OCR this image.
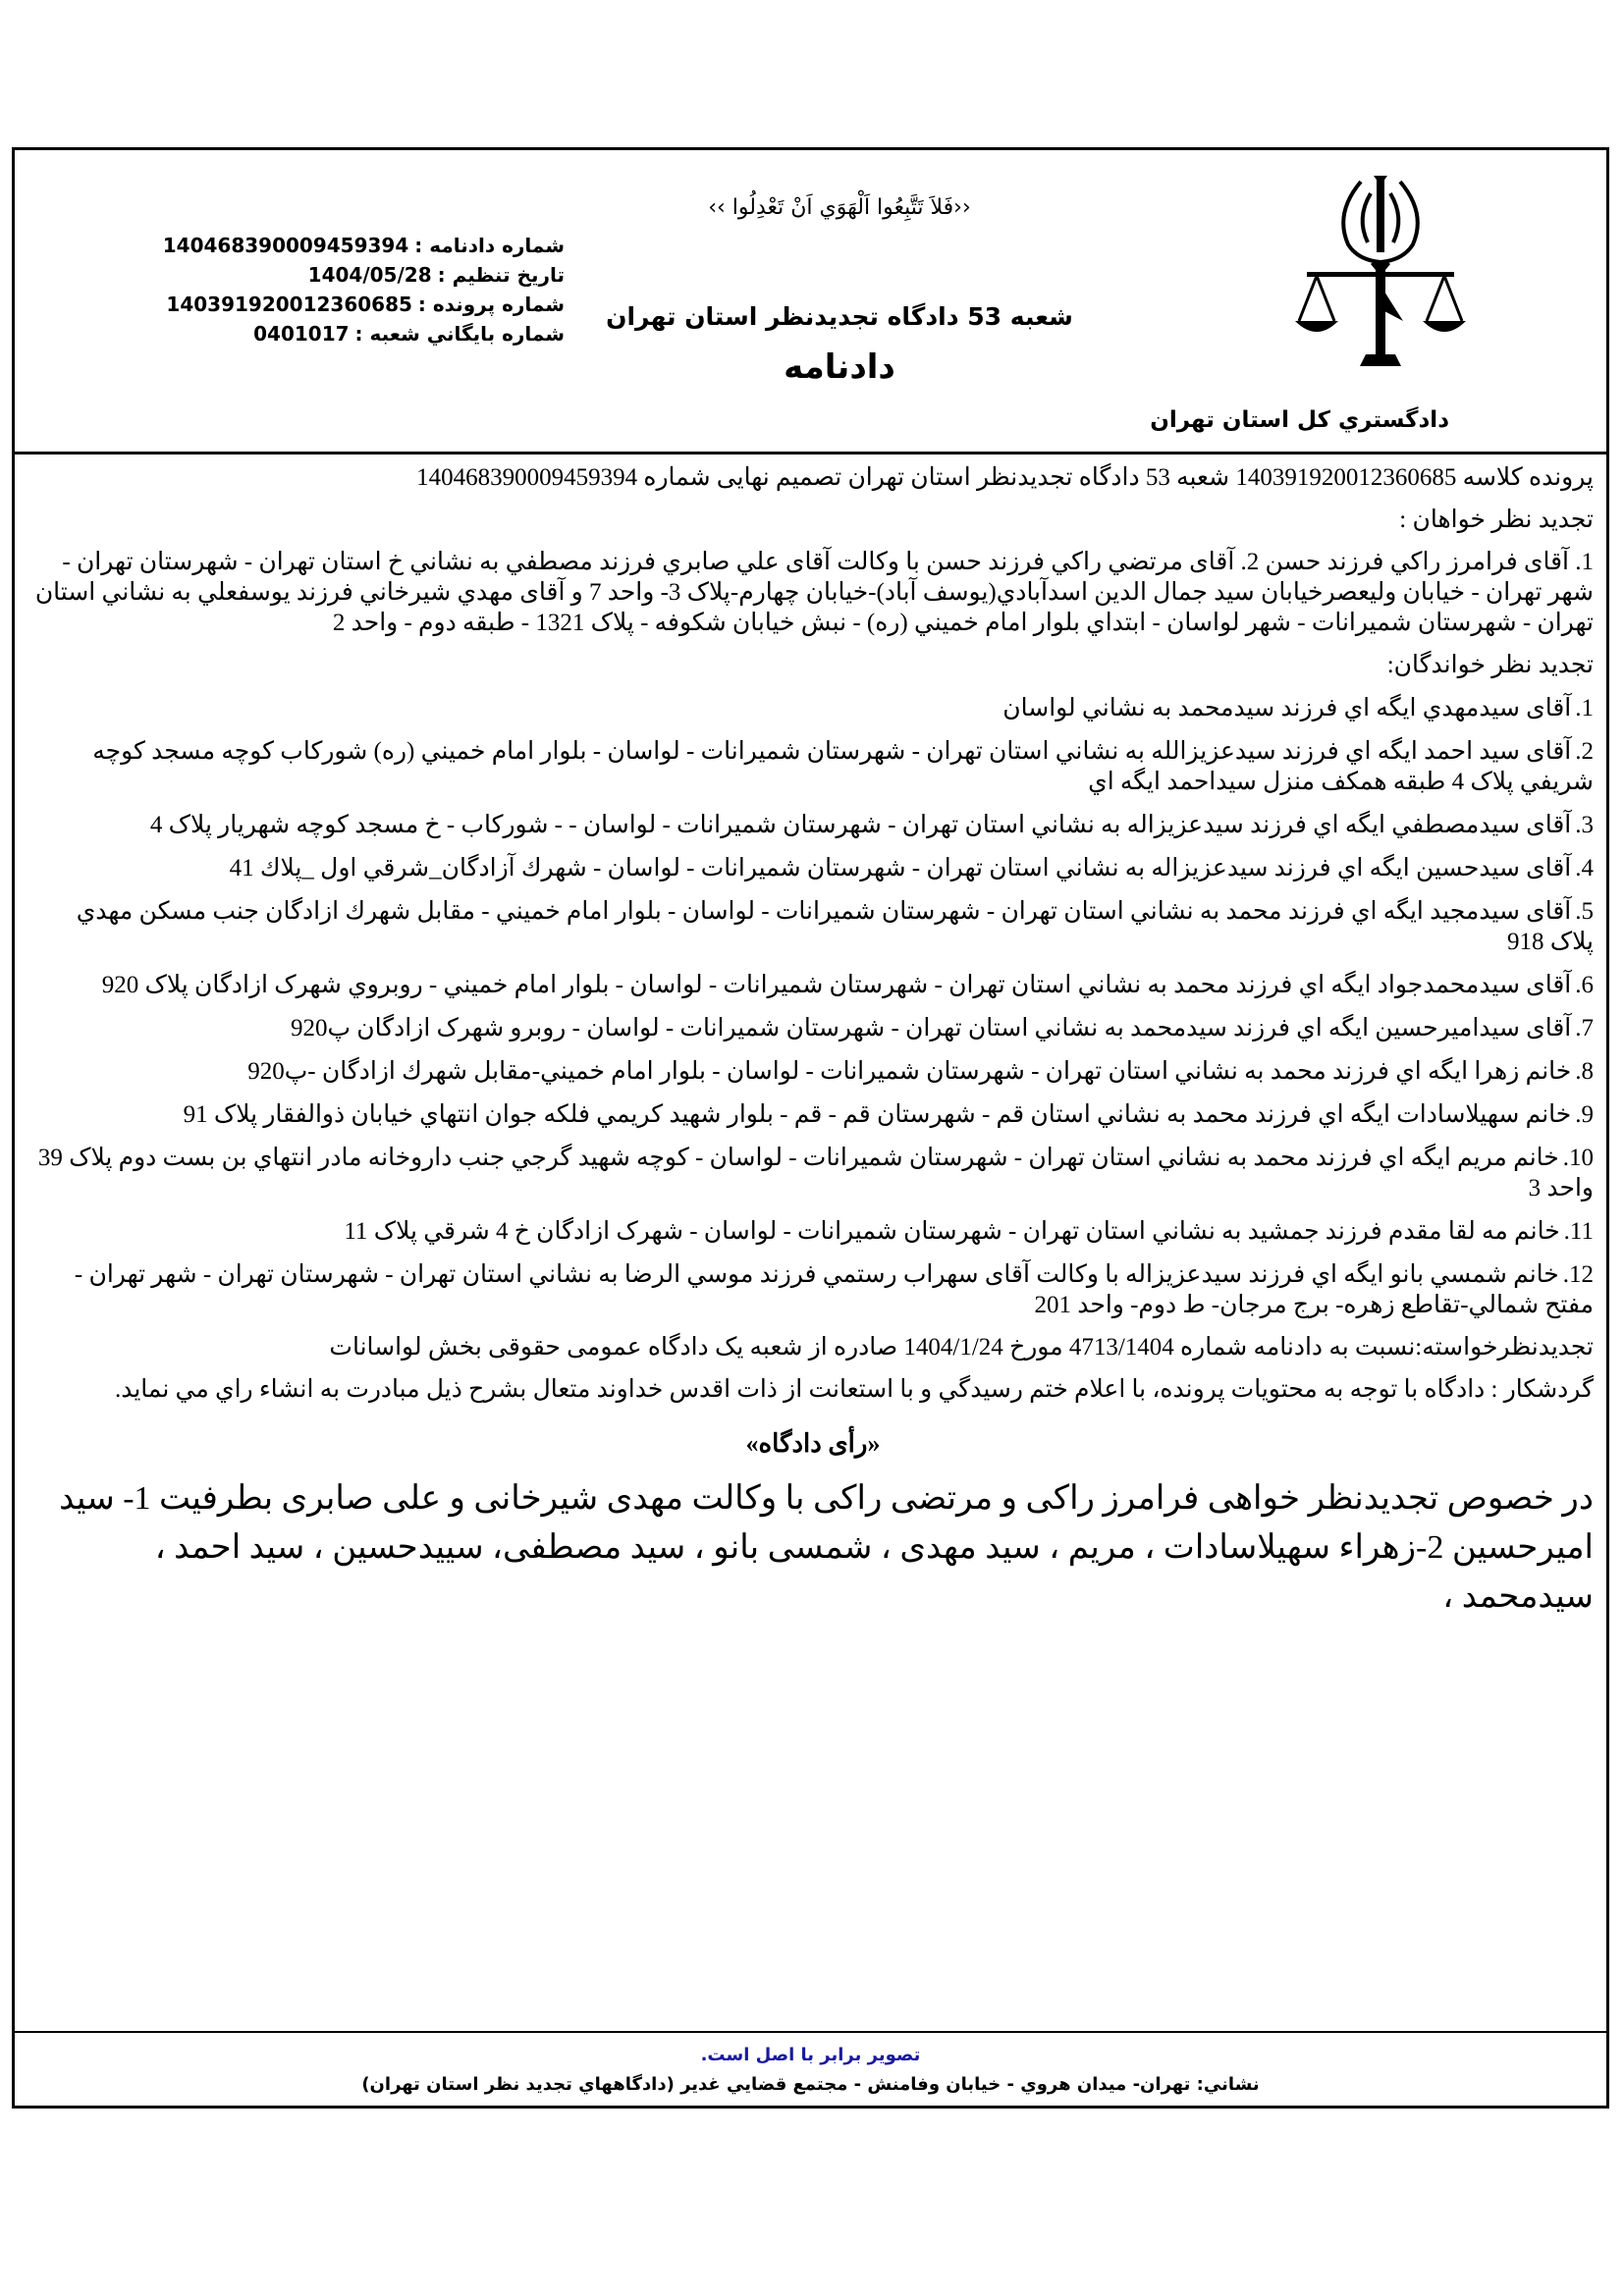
دادگستري کل استان تهران
‹‹فَلاَ تَتَّبِعُوا اَلْهَوَي اَنْ تَعْدِلُوا ››
شعبه 53 دادگاه تجدیدنظر استان تهران
دادنامه
شماره دادنامه :140468390009459394
تاريخ تنظيم :1404/05/28
شماره پرونده :140391920012360685
شماره بايگاني شعبه :0401017

پرونده کلاسه 140391920012360685 شعبه 53 دادگاه تجدیدنظر استان تهران تصمیم نهایی شماره 140468390009459394

تجدید نظر خواهان :

1. آقای فرامرز راکي فرزند حسن 2. آقای مرتضي راکي فرزند حسن با وکالت آقای علي صابري فرزند مصطفي به نشاني خ استان تهران - شهرستان تهران - شهر تهران - خيابان وليعصرخيابان سيد جمال الدين اسدآبادي(يوسف آباد)-خيابان چهارم-پلاک 3- واحد 7 و آقای مهدي شيرخاني فرزند يوسفعلي به نشاني استان تهران - شهرستان شميرانات - شهر لواسان - ابتداي بلوار امام خميني (ره) - نبش خيابان شکوفه - پلاک 1321 - طبقه دوم - واحد 2

تجدید نظر خواندگان:

1.آقای سيدمهدي ايگه اي فرزند سيدمحمد به نشاني لواسان
2.آقای سيد احمد ايگه اي فرزند سيدعزيزالله به نشاني استان تهران - شهرستان شميرانات - لواسان - بلوار امام خميني (ره) شورکاب کوچه مسجد کوچه شريفي پلاک 4 طبقه همکف منزل سيداحمد ايگه اي
3.آقای سيدمصطفي ايگه اي فرزند سيدعزيزاله به نشاني استان تهران - شهرستان شميرانات - لواسان - - شورکاب - خ مسجد کوچه شهريار پلاک 4
4.آقای سيدحسين ايگه اي فرزند سيدعزيزاله به نشاني استان تهران - شهرستان شميرانات - لواسان - شهرك آزادگان_شرقي اول _پلاك 41
5.آقای سيدمجيد ايگه اي فرزند محمد به نشاني استان تهران - شهرستان شميرانات - لواسان - بلوار امام خميني - مقابل شهرك ازادگان جنب مسکن مهدي پلاک 918
6.آقای سيدمحمدجواد ايگه اي فرزند محمد به نشاني استان تهران - شهرستان شميرانات - لواسان - بلوار امام خميني - روبروي شهرک ازادگان پلاک 920
7.آقای سيداميرحسين ايگه اي فرزند سيدمحمد به نشاني استان تهران - شهرستان شميرانات - لواسان - روبرو شهرک ازادگان پ920
8.خانم زهرا ايگه اي فرزند محمد به نشاني استان تهران - شهرستان شميرانات - لواسان - بلوار امام خميني-مقابل شهرك ازادگان -پ920
9.خانم سهيلاسادات ايگه اي فرزند محمد به نشاني استان قم - شهرستان قم - قم - بلوار شهيد کريمي فلکه جوان انتهاي خيابان ذوالفقار پلاک 91
10.خانم مريم ايگه اي فرزند محمد به نشاني استان تهران - شهرستان شميرانات - لواسان - کوچه شهيد گرجي جنب داروخانه مادر انتهاي بن بست دوم پلاک 39 واحد 3
11.خانم مه لقا مقدم فرزند جمشيد به نشاني استان تهران - شهرستان شميرانات - لواسان - شهرک ازادگان خ 4 شرقي پلاک 11
12.خانم شمسي بانو ايگه اي فرزند سيدعزيزاله با وکالت آقای سهراب رستمي فرزند موسي الرضا به نشاني استان تهران - شهرستان تهران - شهر تهران - مفتح شمالي-تقاطع زهره- برج مرجان- ط دوم- واحد 201

تجدیدنظرخواسته:نسبت به دادنامه شماره 4713/1404 مورخ 1404/1/24 صادره از شعبه یک دادگاه عمومی حقوقی بخش لواسانات

گردشکار : دادگاه با توجه به محتويات پرونده، با اعلام ختم رسيدگي و با استعانت از ذات اقدس خداوند متعال بشرح ذيل مبادرت به انشاء راي مي نمايد.

«رأی دادگاه»

در خصوص تجدیدنظر خواهی فرامرز راکی و مرتضی راکی با وکالت مهدی شیرخانی و علی صابری بطرفیت 1- سید امیرحسین 2-زهراء سهیلاسادات ، مریم ، سید مهدی ، شمسی بانو ، سید مصطفی، سییدحسین ، سید احمد ، سیدمحمد ،

تصوير برابر با اصل است.
نشاني: تهران- ميدان هروي - خيابان وفامنش - مجتمع قضايي غدير (دادگاههاي تجديد نظر استان تهران)
